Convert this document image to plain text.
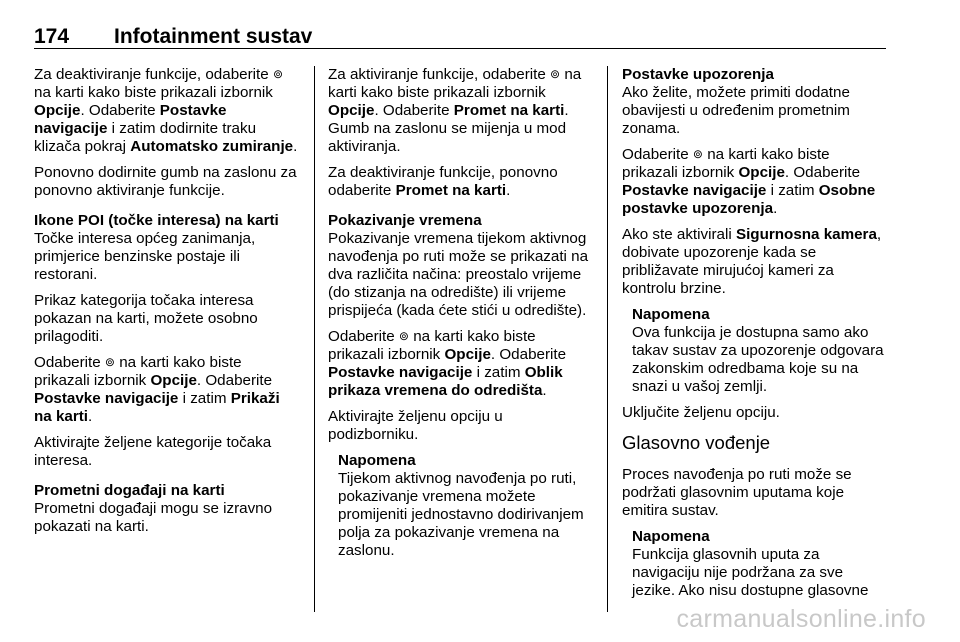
174 Infotainment sustav

Za deaktiviranje funkcije, odaberite ⊚ na karti kako biste prikazali izbornik Opcije. Odaberite Postavke navigacije i zatim dodirnite traku klizača pokraj Automatsko zumiranje.

Ponovno dodirnite gumb na zaslonu za ponovno aktiviranje funkcije.

Ikone POI (točke interesa) na karti

Točke interesa općeg zanimanja, primjerice benzinske postaje ili restorani.

Prikaz kategorija točaka interesa pokazan na karti, možete osobno prilagoditi.

Odaberite ⊚ na karti kako biste prikazali izbornik Opcije. Odaberite Postavke navigacije i zatim Prikaži na karti.

Aktivirajte željene kategorije točaka interesa.

Prometni događaji na karti

Prometni događaji mogu se izravno pokazati na karti.

Za aktiviranje funkcije, odaberite ⊚ na karti kako biste prikazali izbornik Opcije. Odaberite Promet na karti. Gumb na zaslonu se mijenja u mod aktiviranja.

Za deaktiviranje funkcije, ponovno odaberite Promet na karti.

Pokazivanje vremena

Pokazivanje vremena tijekom aktivnog navođenja po ruti može se prikazati na dva različita načina: preostalo vrijeme (do stizanja na odredište) ili vrijeme prispijeća (kada ćete stići u odredište).

Odaberite ⊚ na karti kako biste prikazali izbornik Opcije. Odaberite Postavke navigacije i zatim Oblik prikaza vremena do odredišta.

Aktivirajte željenu opciju u podizborniku.

Napomena
Tijekom aktivnog navođenja po ruti, pokazivanje vremena možete promijeniti jednostavno dodirivanjem polja za pokazivanje vremena na zaslonu.

Postavke upozorenja

Ako želite, možete primiti dodatne obavijesti u određenim prometnim zonama.

Odaberite ⊚ na karti kako biste prikazali izbornik Opcije. Odaberite Postavke navigacije i zatim Osobne postavke upozorenja.

Ako ste aktivirali Sigurnosna kamera, dobivate upozorenje kada se približavate mirujućoj kameri za kontrolu brzine.

Napomena
Ova funkcija je dostupna samo ako takav sustav za upozorenje odgovara zakonskim odredbama koje su na snazi u vašoj zemlji.

Uključite željenu opciju.

Glasovno vođenje

Proces navođenja po ruti može se podržati glasovnim uputama koje emitira sustav.

Napomena
Funkcija glasovnih uputa za navigaciju nije podržana za sve jezike. Ako nisu dostupne glasovne
carmanualsonline.info
